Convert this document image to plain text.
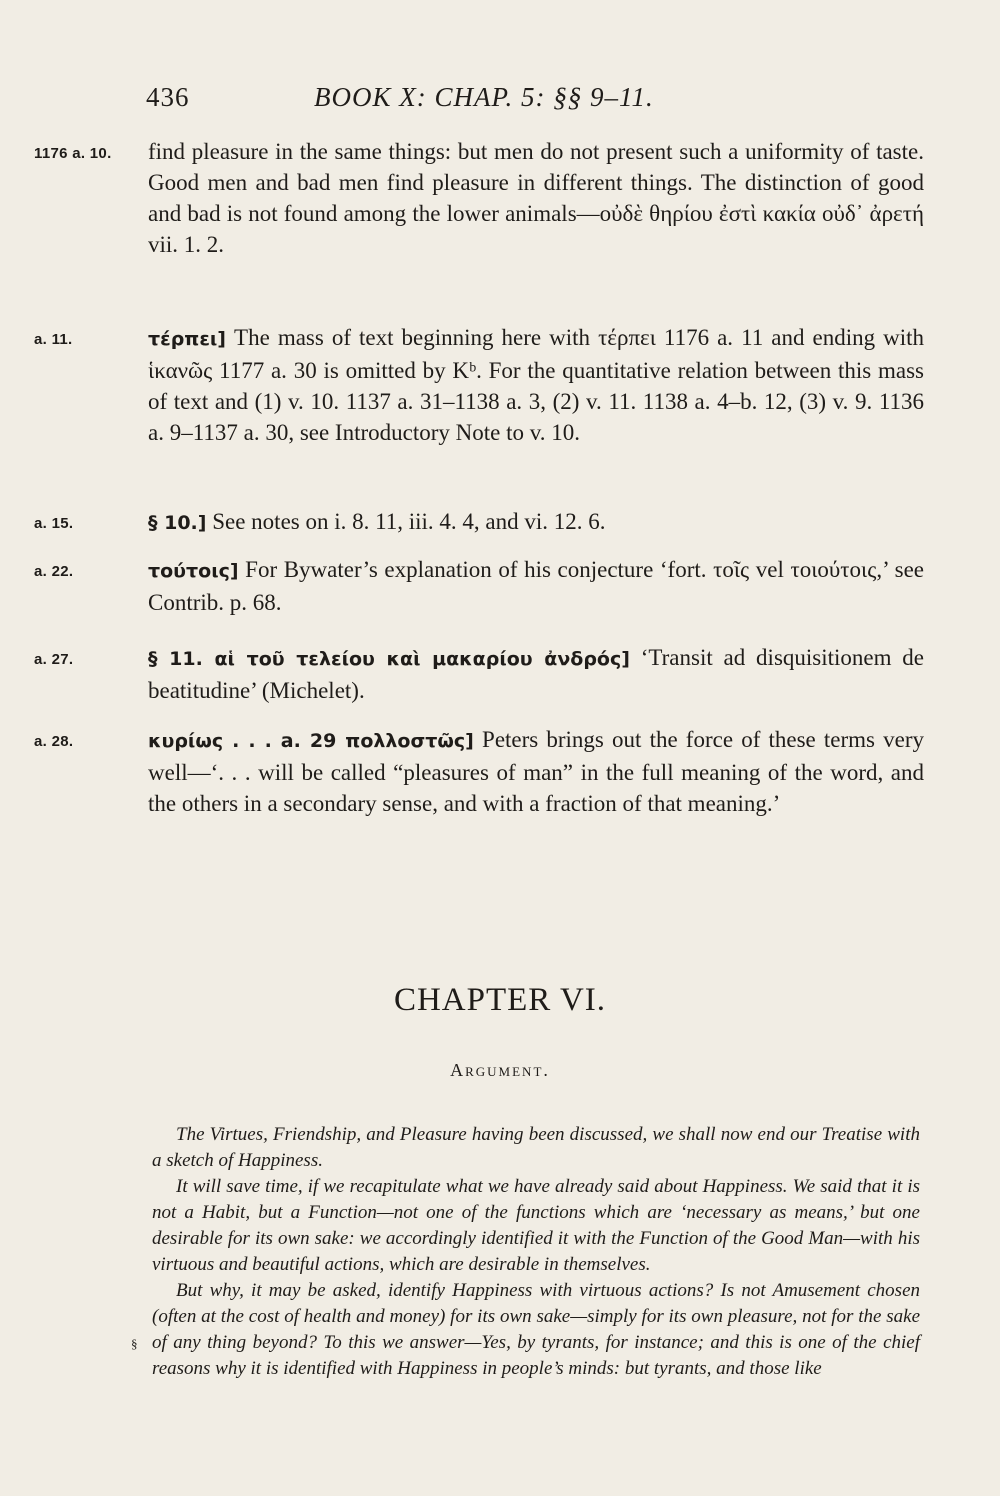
436	BOOK X: CHAP. 5: §§ 9–11.
1176 a. 10.	find pleasure in the same things: but men do not present such a uniformity of taste. Good men and bad men find pleasure in different things. The distinction of good and bad is not found among the lower animals—οὐδὲ θηρίου ἐστὶ κακία οὐδ᾽ ἀρετή vii. 1. 2.
a. 11.	τέρπει] The mass of text beginning here with τέρπει 1176 a. 11 and ending with ἱκανῶς 1177 a. 30 is omitted by Kᵇ. For the quantitative relation between this mass of text and (1) v. 10. 1137 a. 31–1138 a. 3, (2) v. 11. 1138 a. 4–b. 12, (3) v. 9. 1136 a. 9–1137 a. 30, see Introductory Note to v. 10.
a. 15.	§ 10.] See notes on i. 8. 11, iii. 4. 4, and vi. 12. 6.
a. 22.	τούτοις] For Bywater’s explanation of his conjecture ‘fort. τοῖς vel τοιούτοις,’ see Contrib. p. 68.
a. 27.	§ 11. αἱ τοῦ τελείου καὶ μακαρίου ἀνδρός] ‘Transit ad disquisitionem de beatitudine’ (Michelet).
a. 28.	κυρίως . . . a. 29 πολλοστῶς] Peters brings out the force of these terms very well—‘. . . will be called “pleasures of man” in the full meaning of the word, and the others in a secondary sense, and with a fraction of that meaning.’
CHAPTER VI.
Argument.

The Virtues, Friendship, and Pleasure having been discussed, we shall now end our Treatise with a sketch of Happiness.

It will save time, if we recapitulate what we have already said about Happiness. We said that it is not a Habit, but a Function—not one of the functions which are ‘necessary as means,’ but one desirable for its own sake: we accordingly identified it with the Function of the Good Man—with his virtuous and beautiful actions, which are desirable in themselves.

But why, it may be asked, identify Happiness with virtuous actions? Is not Amusement chosen (often at the cost of health and money) for its own sake—simply for its own pleasure, not for the sake of any thing beyond? To this we answer—Yes, by tyrants, for instance; and this is one of the chief reasons why it is identified with Happiness in people’s minds: but tyrants, and those like

§
